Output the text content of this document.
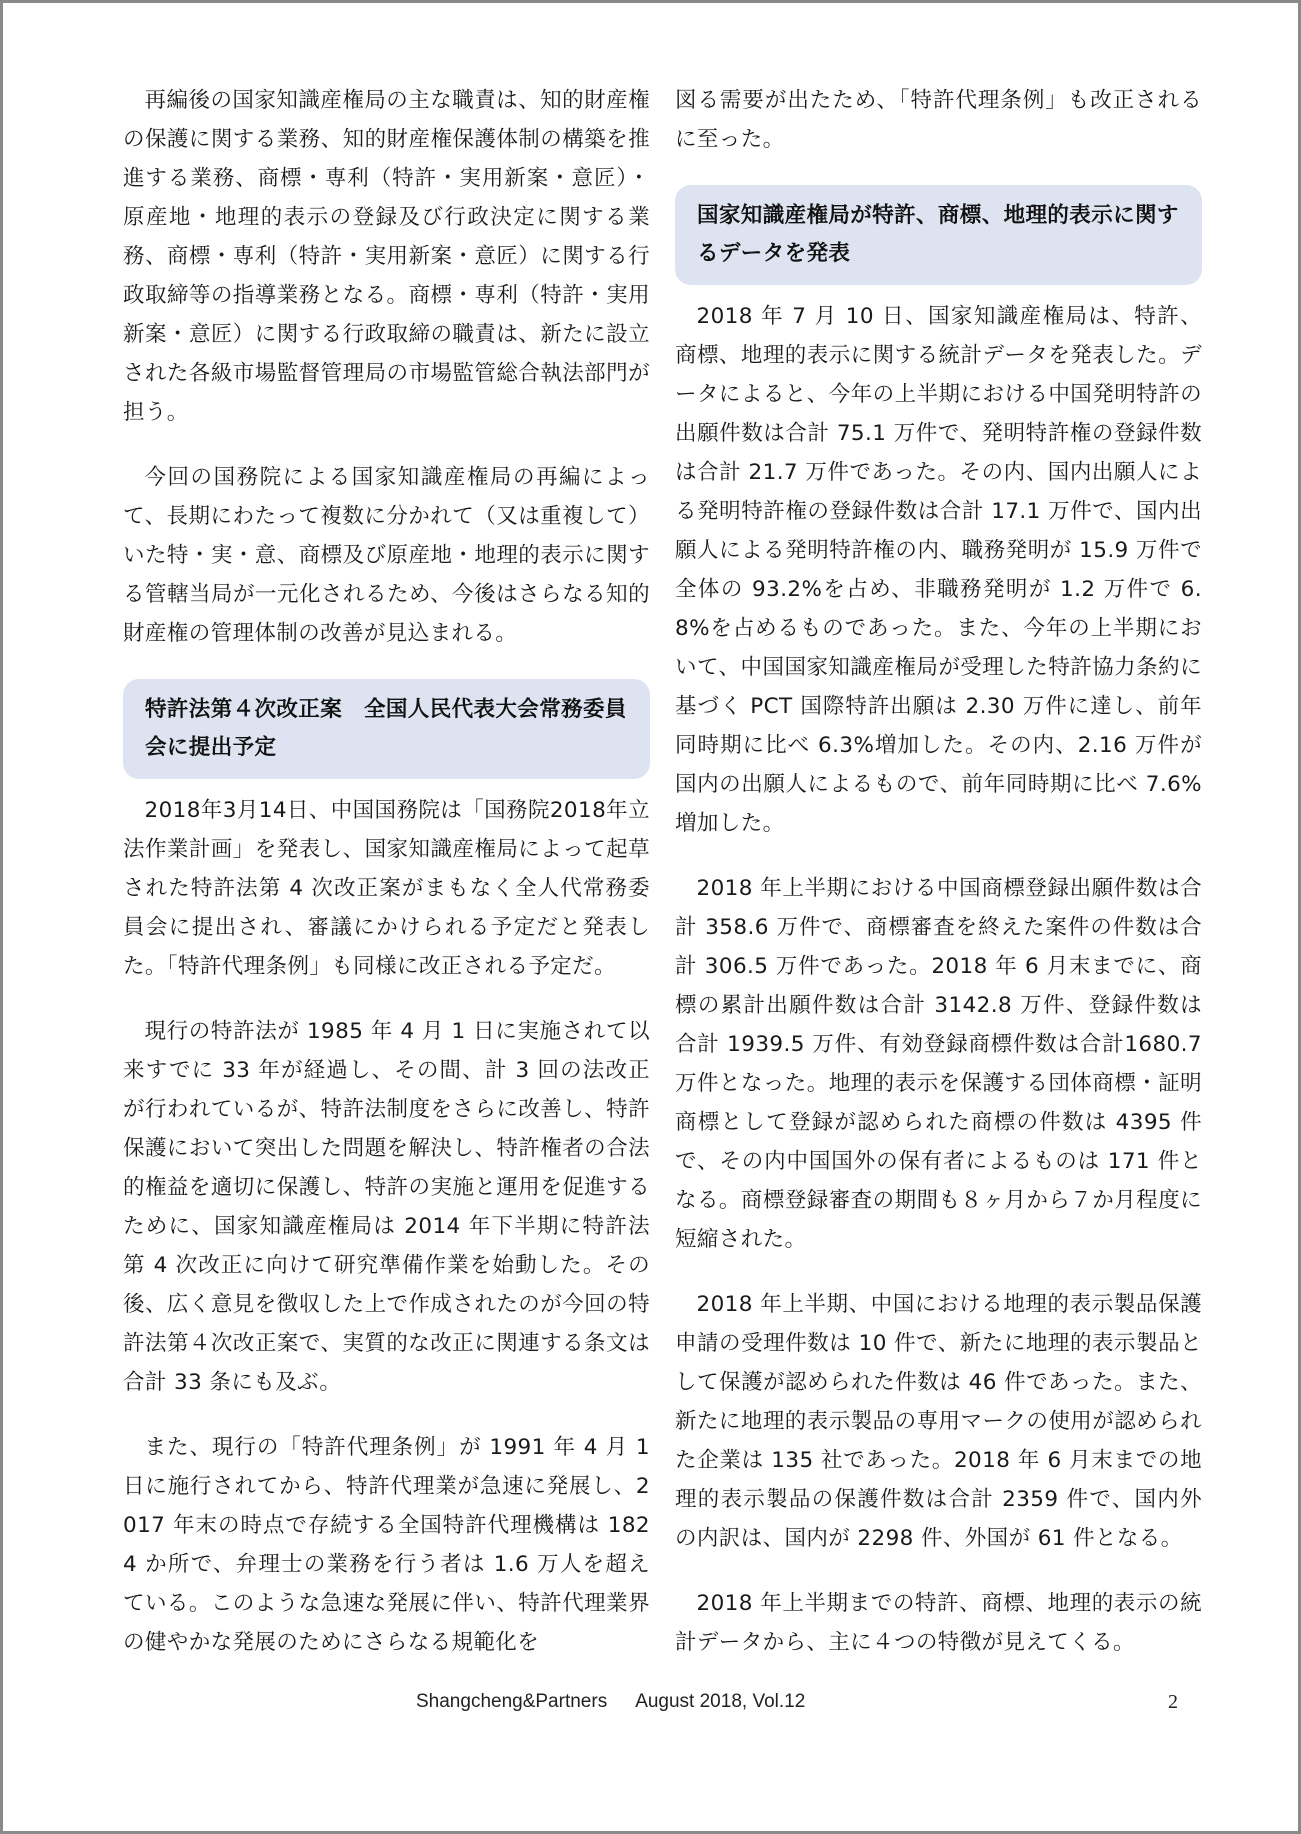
再編後の国家知識産権局の主な職責は、知的財産権の保護に関する業務、知的財産権保護体制の構築を推進する業務、商標・専利（特許・実用新案・意匠）・原産地・地理的表示の登録及び行政決定に関する業務、商標・専利（特許・実用新案・意匠）に関する行政取締等の指導業務となる。商標・専利（特許・実用新案・意匠）に関する行政取締の職責は、新たに設立された各級市場監督管理局の市場監管総合執法部門が担う。

今回の国務院による国家知識産権局の再編によって、長期にわたって複数に分かれて（又は重複して）いた特・実・意、商標及び原産地・地理的表示に関する管轄当局が一元化されるため、今後はさらなる知的財産権の管理体制の改善が見込まれる。

特許法第４次改正案　全国人民代表大会常務委員会に提出予定

2018年3月14日、中国国務院は「国務院2018年立法作業計画」を発表し、国家知識産権局によって起草された特許法第 4 次改正案がまもなく全人代常務委員会に提出され、審議にかけられる予定だと発表した。「特許代理条例」も同様に改正される予定だ。

現行の特許法が 1985 年 4 月 1 日に実施されて以来すでに 33 年が経過し、その間、計 3 回の法改正が行われているが、特許法制度をさらに改善し、特許保護において突出した問題を解決し、特許権者の合法的権益を適切に保護し、特許の実施と運用を促進するために、国家知識産権局は 2014 年下半期に特許法第 4 次改正に向けて研究準備作業を始動した。その後、広く意見を徴収した上で作成されたのが今回の特許法第４次改正案で、実質的な改正に関連する条文は合計 33 条にも及ぶ。

また、現行の「特許代理条例」が 1991 年 4 月 1 日に施行されてから、特許代理業が急速に発展し、2017 年末の時点で存続する全国特許代理機構は 1824 か所で、弁理士の業務を行う者は 1.6 万人を超えている。このような急速な発展に伴い、特許代理業界の健やかな発展のためにさらなる規範化を

図る需要が出たため、「特許代理条例」も改正されるに至った。

国家知識産権局が特許、商標、地理的表示に関するデータを発表

2018 年 7 月 10 日、国家知識産権局は、特許、商標、地理的表示に関する統計データを発表した。データによると、今年の上半期における中国発明特許の出願件数は合計 75.1 万件で、発明特許権の登録件数は合計 21.7 万件であった。その内、国内出願人による発明特許権の登録件数は合計 17.1 万件で、国内出願人による発明特許権の内、職務発明が 15.9 万件で全体の 93.2%を占め、非職務発明が 1.2 万件で 6.8%を占めるものであった。また、今年の上半期において、中国国家知識産権局が受理した特許協力条約に基づく PCT 国際特許出願は 2.30 万件に達し、前年同時期に比べ 6.3%増加した。その内、2.16 万件が国内の出願人によるもので、前年同時期に比べ 7.6%増加した。

2018 年上半期における中国商標登録出願件数は合計 358.6 万件で、商標審査を終えた案件の件数は合計 306.5 万件であった。2018 年 6 月末までに、商標の累計出願件数は合計 3142.8 万件、登録件数は合計 1939.5 万件、有効登録商標件数は合計1680.7万件となった。地理的表示を保護する団体商標・証明商標として登録が認められた商標の件数は 4395 件で、その内中国国外の保有者によるものは 171 件となる。商標登録審査の期間も８ヶ月から７か月程度に短縮された。

2018 年上半期、中国における地理的表示製品保護申請の受理件数は 10 件で、新たに地理的表示製品として保護が認められた件数は 46 件であった。また、新たに地理的表示製品の専用マークの使用が認められた企業は 135 社であった。2018 年 6 月末までの地理的表示製品の保護件数は合計 2359 件で、国内外の内訳は、国内が 2298 件、外国が 61 件となる。

2018 年上半期までの特許、商標、地理的表示の統計データから、主に４つの特徴が見えてくる。

Shangcheng&Partners August 2018, Vol.12	2
